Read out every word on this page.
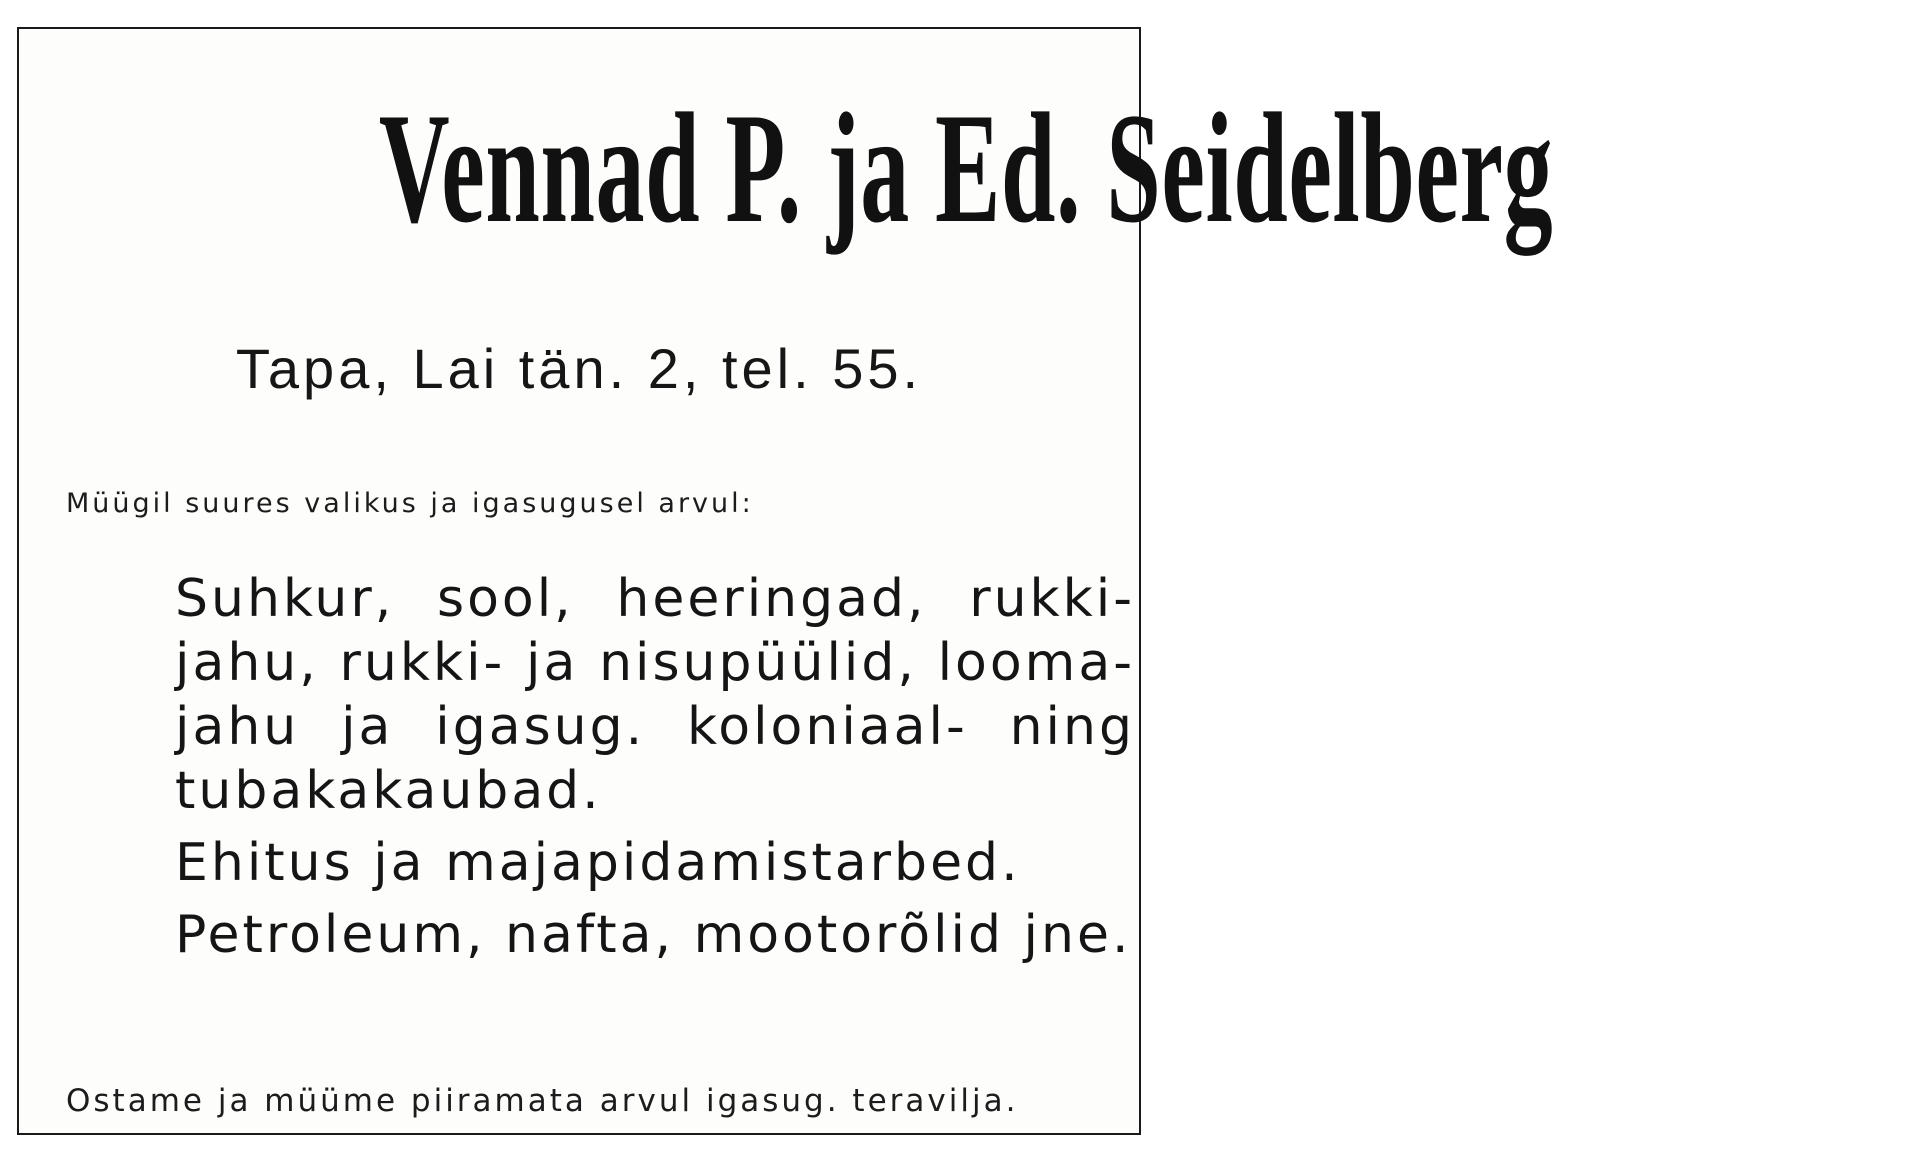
Vennad P. ja Ed. Seidelberg
Tapa, Lai tän. 2, tel. 55.
Müügil suures valikus ja igasugusel arvul:

Suhkur, sool, heeringad, rukki-

jahu, rukki- ja nisupüülid, looma-

jahu ja igasug. koloniaal- ning

tubakakaubad.

Ehitus ja majapidamistarbed.

Petroleum, nafta, mootorõlid jne.

Ostame ja müüme piiramata arvul igasug. teravilja.
